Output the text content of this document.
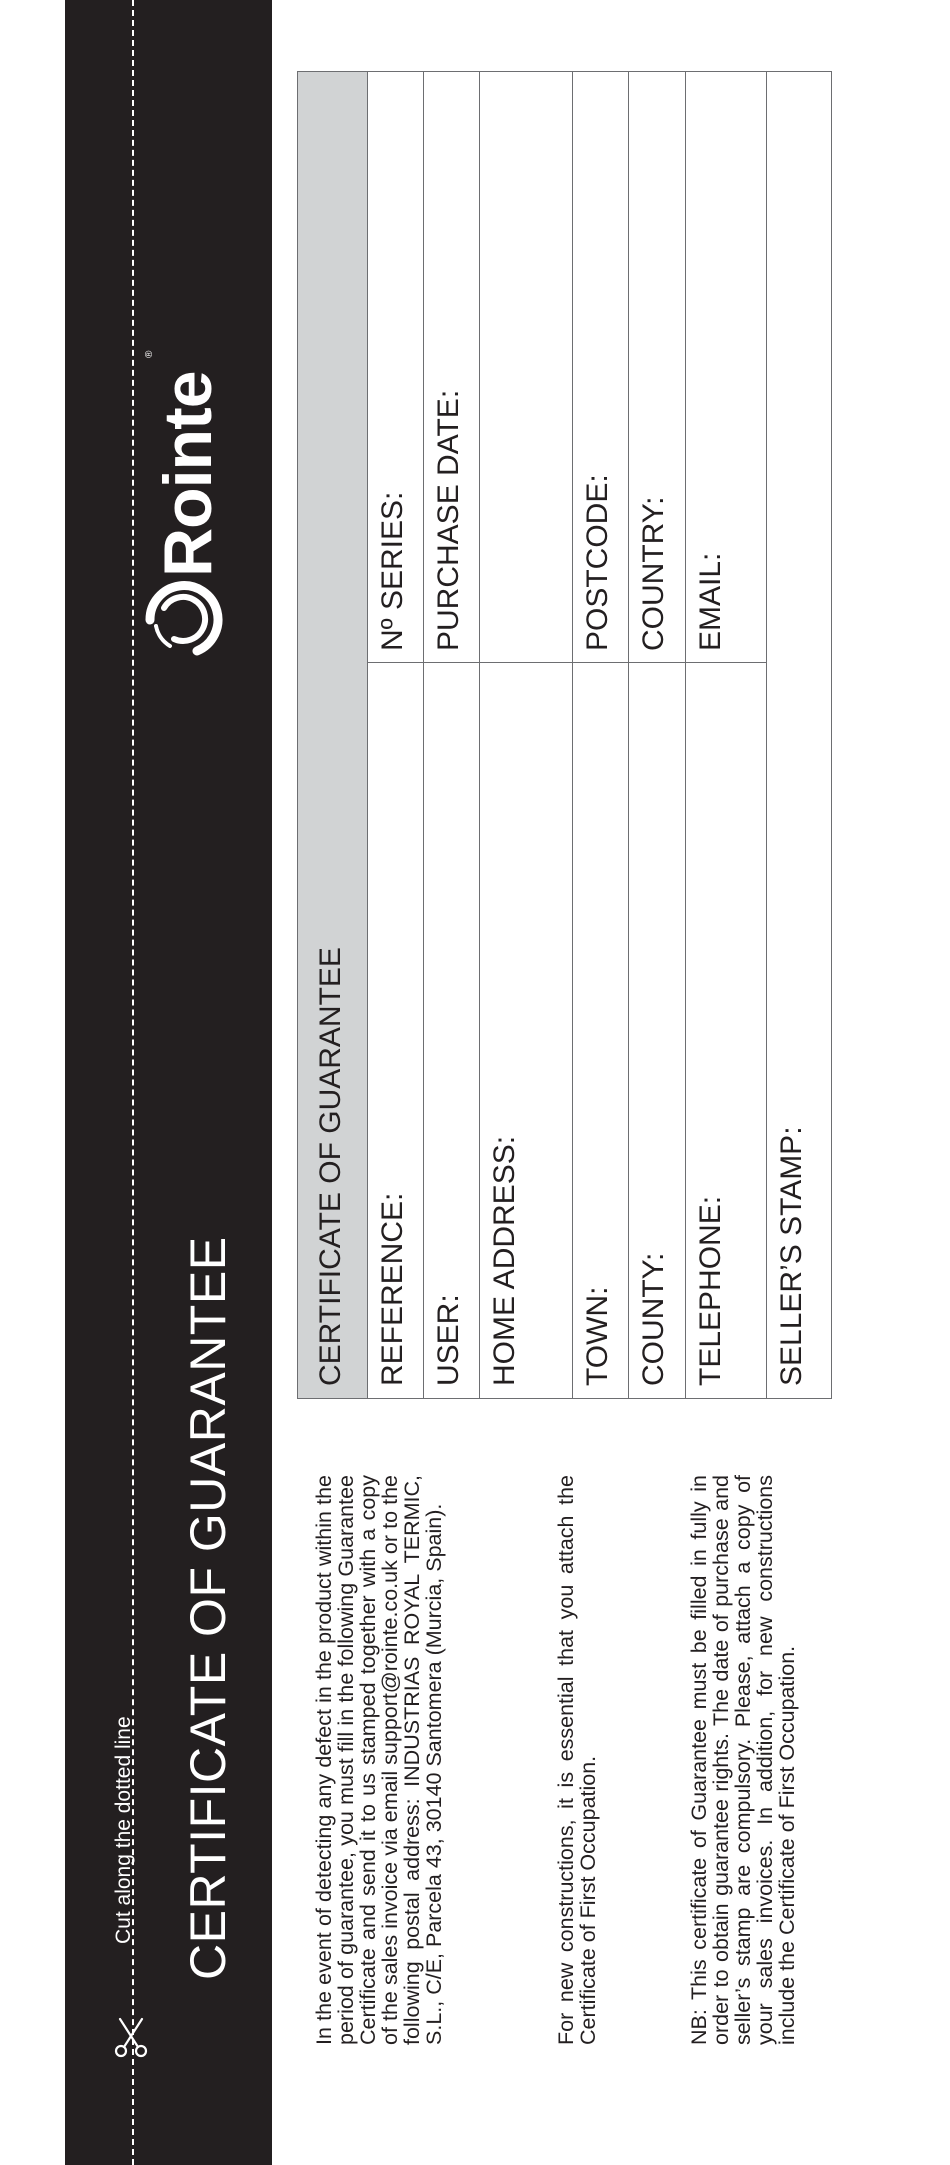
Cut along the dotted line CERTIFICATE OF GUARANTEE
Rointe
®

In the event of detecting any defect in the product within the period of guarantee, you must fill in the following Guarantee Certificate and send it to us stamped together with a copy of the sales invoice via email support@rointe.co.uk or to the following postal address: INDUSTRIAS ROYAL TERMIC, S.L., C/E, Parcela 43, 30140 Santomera (Murcia, Spain).	For new constructions, it is essential that you attach the Certificate of First Occupation.	NB: This certificate of Guarantee must be filled in fully in order to obtain guarantee rights. The date of purchase and seller’s stamp are compulsory. Please, attach a copy of your sales invoices. In addition, for new constructions include the Certificate of First Occupation.

CERTIFICATE OF GUARANTEE REFERENCE:
Nº SERIES:
USER:
PURCHASE DATE:
HOME ADDRESS: TOWN:
POSTCODE:
COUNTY:
COUNTRY:
TELEPHONE:
EMAIL:
SELLER’S STAMP:
